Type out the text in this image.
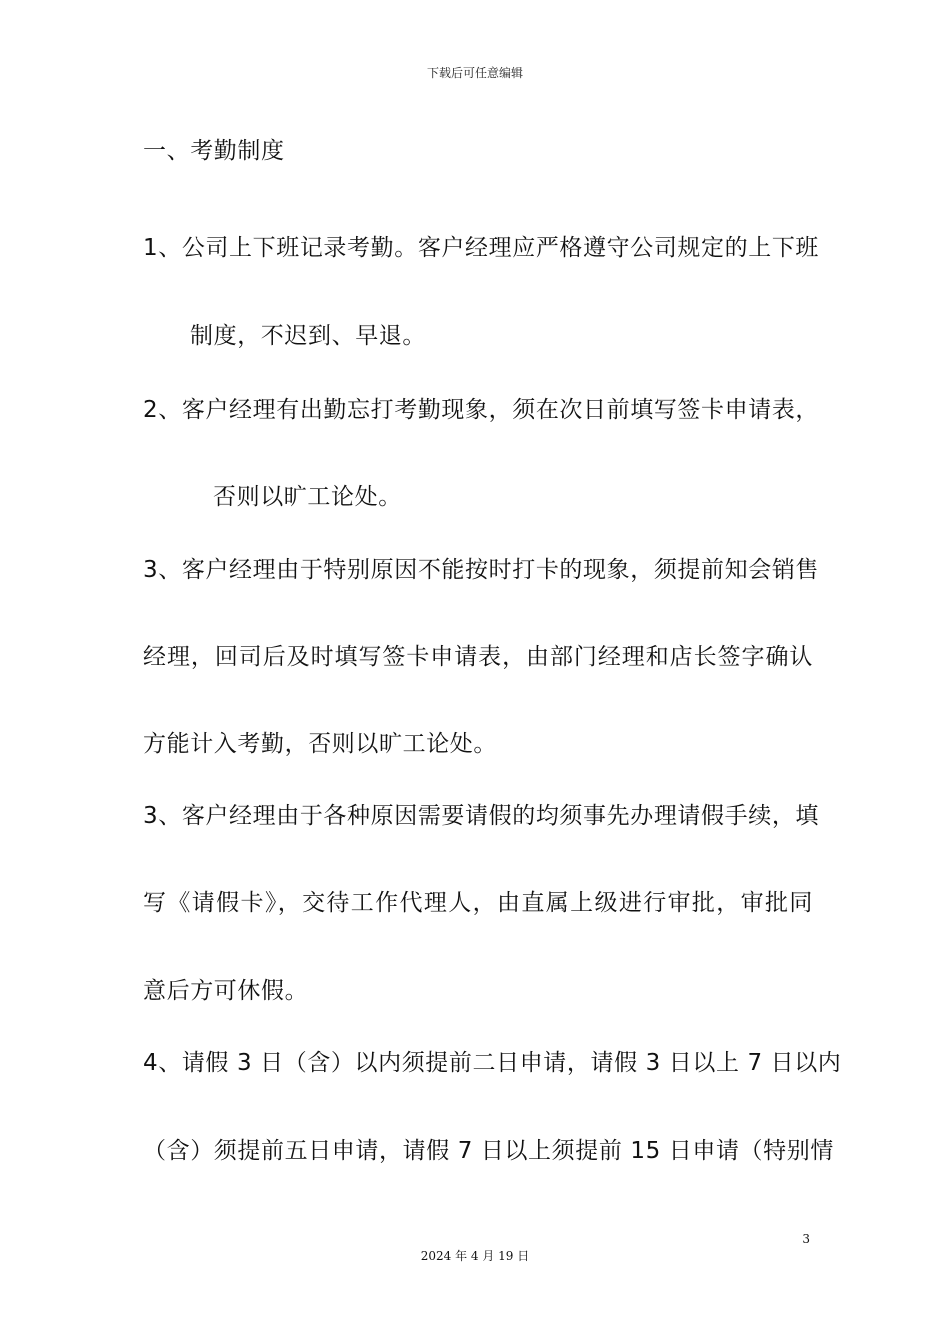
下载后可任意编辑
一、考勤制度
1、公司上下班记录考勤。客户经理应严格遵守公司规定的上下班
制度，不迟到、早退。
2、客户经理有出勤忘打考勤现象，须在次日前填写签卡申请表，
否则以旷工论处。
3、客户经理由于特别原因不能按时打卡的现象，须提前知会销售
经理，回司后及时填写签卡申请表，由部门经理和店长签字确认
方能计入考勤，否则以旷工论处。
3、客户经理由于各种原因需要请假的均须事先办理请假手续，填
写《请假卡》，交待工作代理人，由直属上级进行审批，审批同
意后方可休假。
4、请假 3 日（含）以内须提前二日申请，请假 3 日以上 7 日以内
（含）须提前五日申请，请假 7 日以上须提前 15 日申请（特别情
3
2024 年 4 月 19 日
